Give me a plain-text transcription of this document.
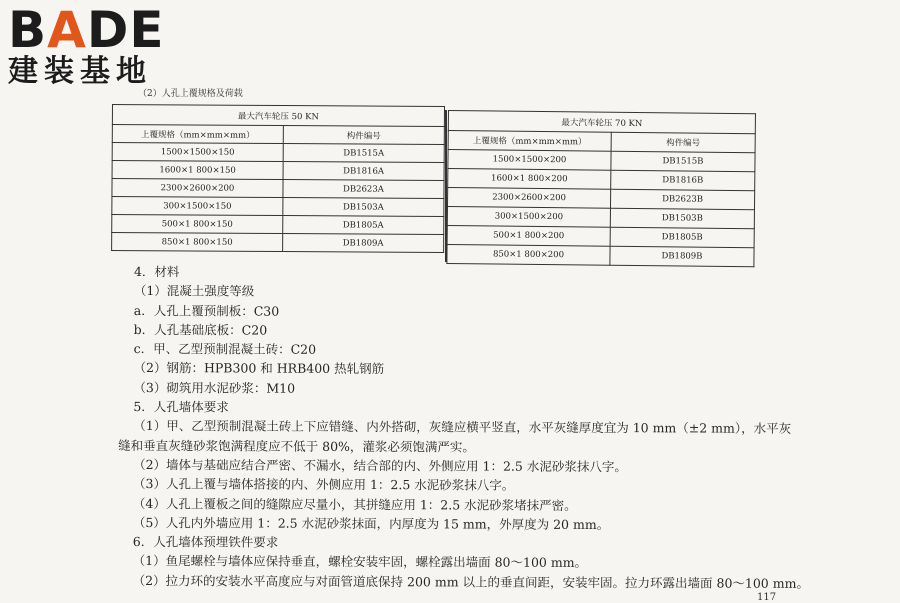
BADE
建装基地
（2）人孔上覆规格及荷载
最大汽车轮压 50 KN	
上覆规格（mm×mm×mm）	构件编号
1500×1500×150	DB1515A
1600×1 800×150	DB1816A
2300×2600×200	DB2623A
300×1500×150	DB1503A
500×1 800×150	DB1805A
850×1 800×150	DB1809A
最大汽车轮压 70 KN	
上覆规格（mm×mm×mm）	构件编号
1500×1500×200	DB1515B
1600×1 800×200	DB1816B
2300×2600×200	DB2623B
300×1500×200	DB1503B
500×1 800×200	DB1805B
850×1 800×200	DB1809B
4．材料
（1）混凝土强度等级
a．人孔上覆预制板：C30
b．人孔基础底板：C20
c．甲、乙型预制混凝土砖：C20
（2）钢筋：HPB300 和 HRB400 热轧钢筋
（3）砌筑用水泥砂浆：M10
5．人孔墙体要求
（1）甲、乙型预制混凝土砖上下应错缝、内外搭砌，灰缝应横平竖直，水平灰缝厚度宜为 10 mm（±2 mm），水平灰
缝和垂直灰缝砂浆饱满程度应不低于 80%，灌浆必须饱满严实。
（2）墙体与基础应结合严密、不漏水，结合部的内、外侧应用 1：2.5 水泥砂浆抹八字。
（3）人孔上覆与墙体搭接的内、外侧应用 1：2.5 水泥砂浆抹八字。
（4）人孔上覆板之间的缝隙应尽量小，其拼缝应用 1：2.5 水泥砂浆堵抹严密。
（5）人孔内外墙应用 1：2.5 水泥砂浆抹面，内厚度为 15 mm，外厚度为 20 mm。
6．人孔墙体预埋铁件要求
（1）鱼尾螺栓与墙体应保持垂直，螺栓安装牢固，螺栓露出墙面 80～100 mm。
（2）拉力环的安装水平高度应与对面管道底保持 200 mm 以上的垂直间距，安装牢固。拉力环露出墙面 80～100 mm。
117
